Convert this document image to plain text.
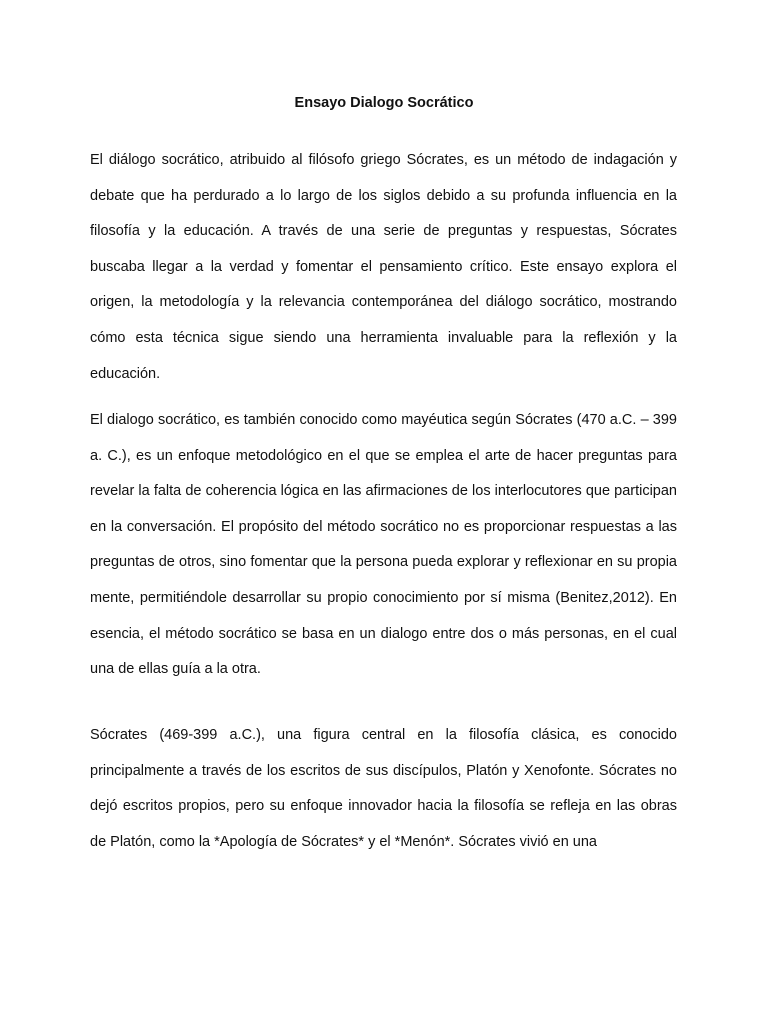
Ensayo Dialogo Socrático

El diálogo socrático, atribuido al filósofo griego Sócrates, es un método de indagación y debate que ha perdurado a lo largo de los siglos debido a su profunda influencia en la filosofía y la educación. A través de una serie de preguntas y respuestas, Sócrates buscaba llegar a la verdad y fomentar el pensamiento crítico. Este ensayo explora el origen, la metodología y la relevancia contemporánea del diálogo socrático, mostrando cómo esta técnica sigue siendo una herramienta invaluable para la reflexión y la educación.

El dialogo socrático, es también conocido como mayéutica según Sócrates (470 a.C. – 399 a. C.), es un enfoque metodológico en el que se emplea el arte de hacer preguntas para revelar la falta de coherencia lógica en las afirmaciones de los interlocutores que participan en la conversación. El propósito del método socrático no es proporcionar respuestas a las preguntas de otros, sino fomentar que la persona pueda explorar y reflexionar en su propia mente, permitiéndole desarrollar su propio conocimiento por sí misma (Benitez,2012). En esencia, el método socrático se basa en un dialogo entre dos o más personas, en el cual una de ellas guía a la otra.

Sócrates (469-399 a.C.), una figura central en la filosofía clásica, es conocido principalmente a través de los escritos de sus discípulos, Platón y Xenofonte. Sócrates no dejó escritos propios, pero su enfoque innovador hacia la filosofía se refleja en las obras de Platón, como la *Apología de Sócrates* y el *Menón*. Sócrates vivió en una
